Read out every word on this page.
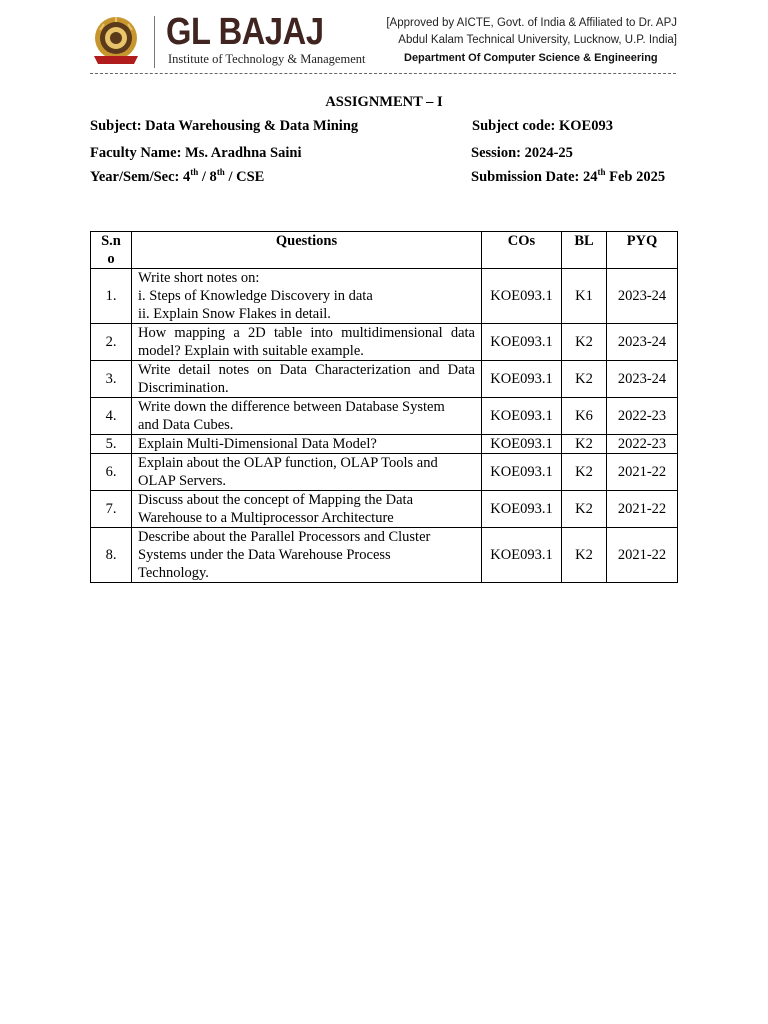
GL BAJAJ
Institute of Technology & Management
[Approved by AICTE, Govt. of India & Affiliated to Dr. APJ
Abdul Kalam Technical University, Lucknow, U.P. India]
Department Of Computer Science & Engineering
ASSIGNMENT – I
Subject: Data Warehousing & Data Mining	Subject code: KOE093
Faculty Name: Ms. Aradhna Saini	Session: 2024-25
Year/Sem/Sec: 4th / 8th / CSE	Submission Date: 24th Feb 2025
S.n
o	Questions	COs	BL	PYQ
1.	Write short notes on:
i. Steps of Knowledge Discovery in data
ii. Explain Snow Flakes in detail.	KOE093.1	K1	2023-24
2.	How mapping a 2D table into multidimensional data model? Explain with suitable example.	KOE093.1	K2	2023-24
3.	Write detail notes on Data Characterization and Data Discrimination.	KOE093.1	K2	2023-24
4.	Write down the difference between Database System
and Data Cubes.	KOE093.1	K6	2022-23
5.	Explain Multi-Dimensional Data Model?	KOE093.1	K2	2022-23
6.	Explain about the OLAP function, OLAP Tools and
OLAP Servers.	KOE093.1	K2	2021-22
7.	Discuss about the concept of Mapping the Data
Warehouse to a Multiprocessor Architecture	KOE093.1	K2	2021-22
8.	Describe about the Parallel Processors and Cluster
Systems under the Data Warehouse Process
Technology.	KOE093.1	K2	2021-22
